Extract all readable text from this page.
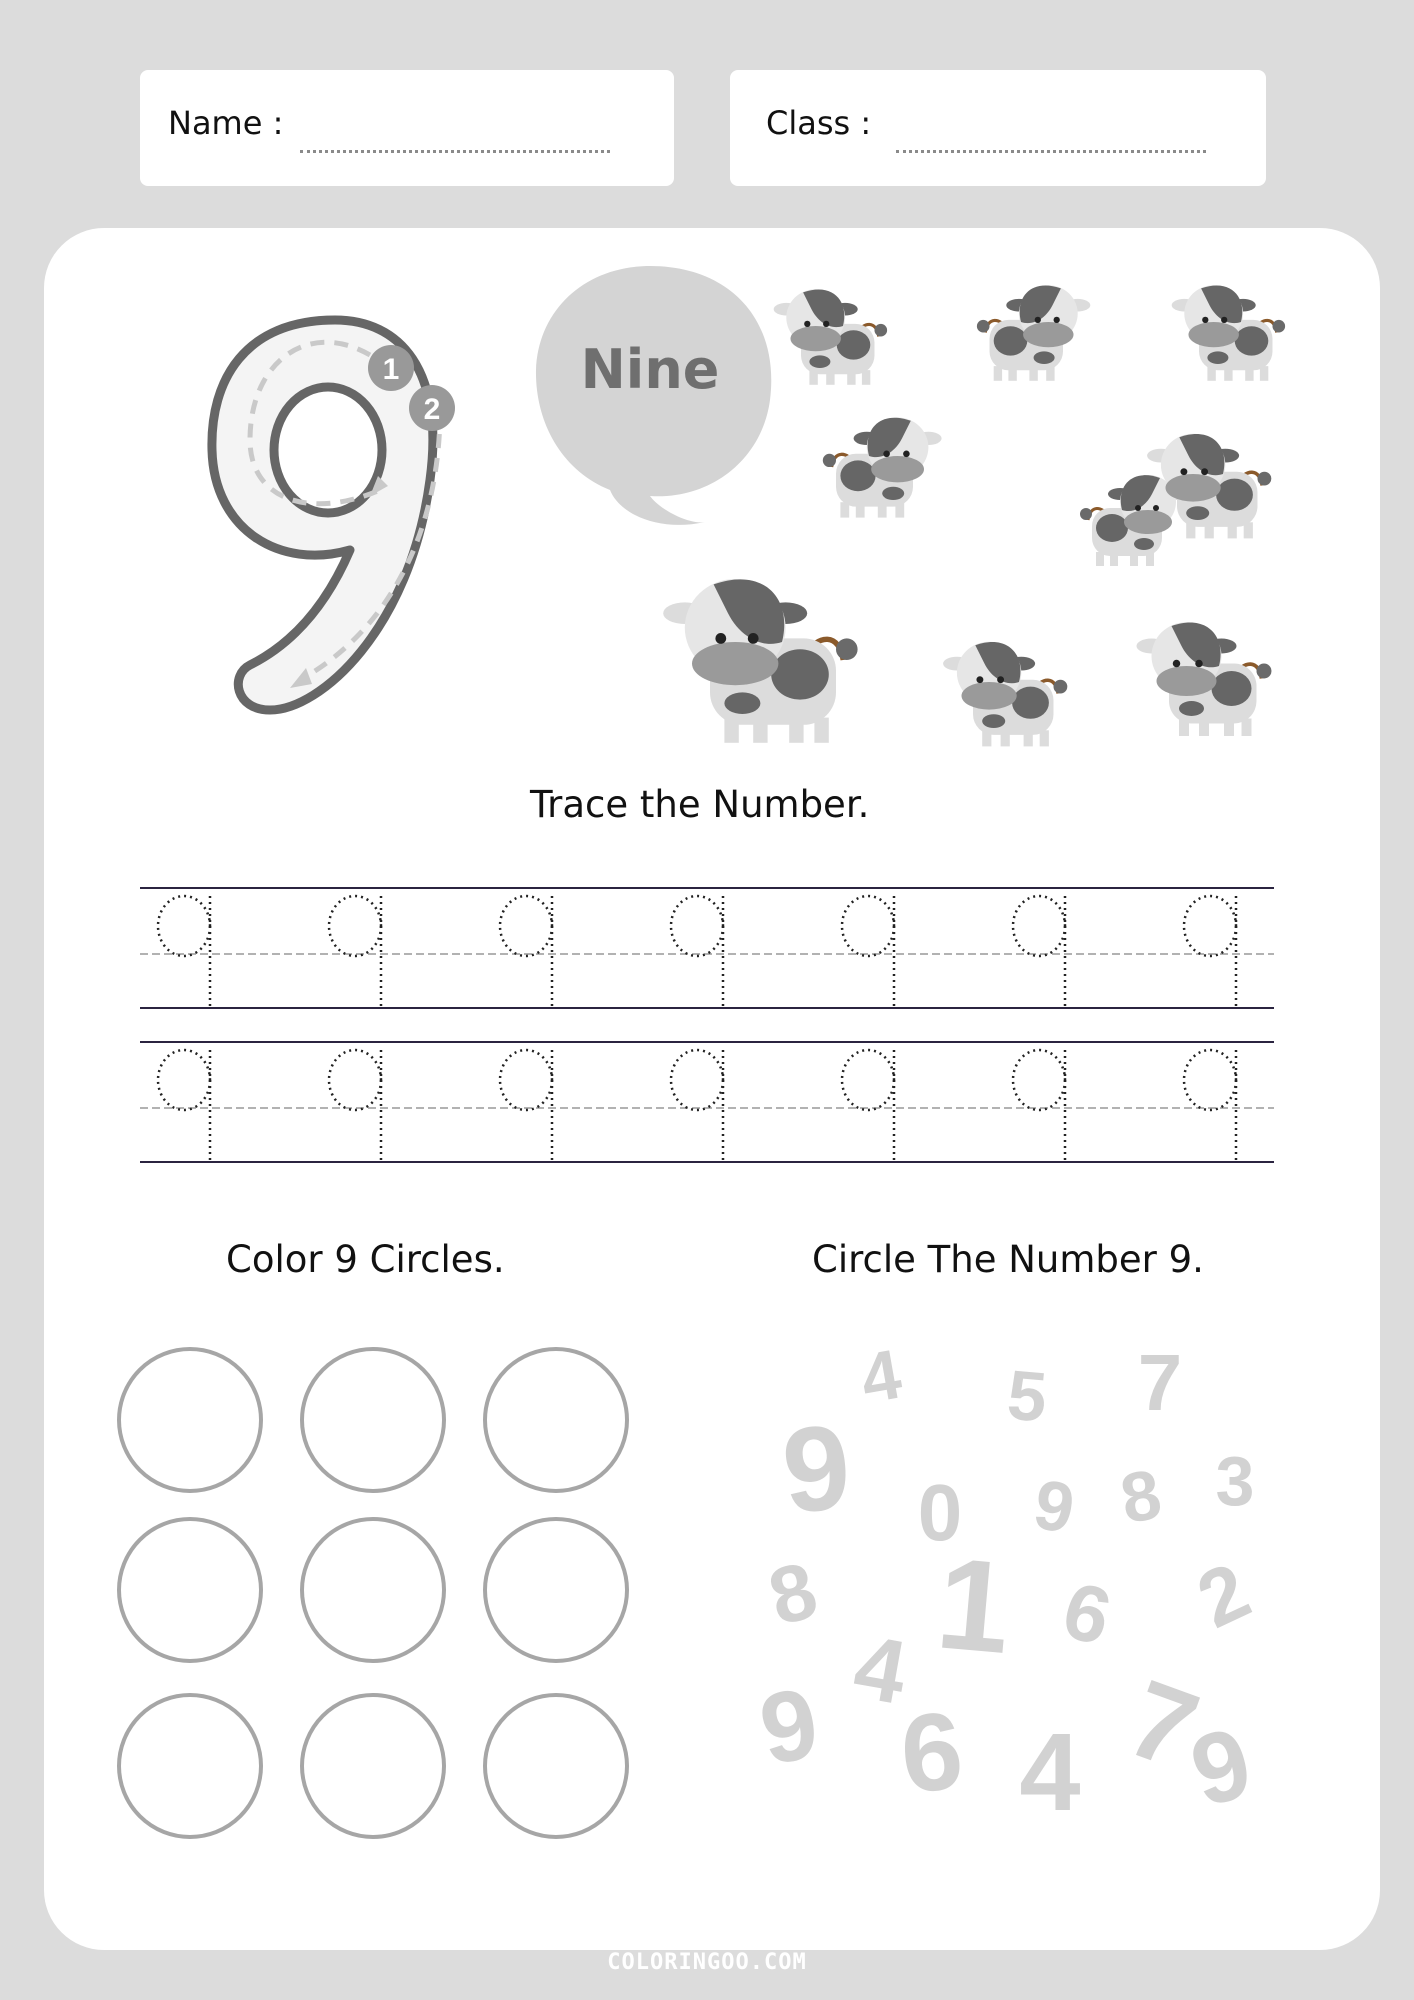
Name :	Class :
1
2
Nine
Trace the Number.
Color 9 Circles.	Circle The Number 9.
4 5 7
9 0 9 8 3
8 1 6 2
4
9 6 4 7
9
COLORINGOO.COM
